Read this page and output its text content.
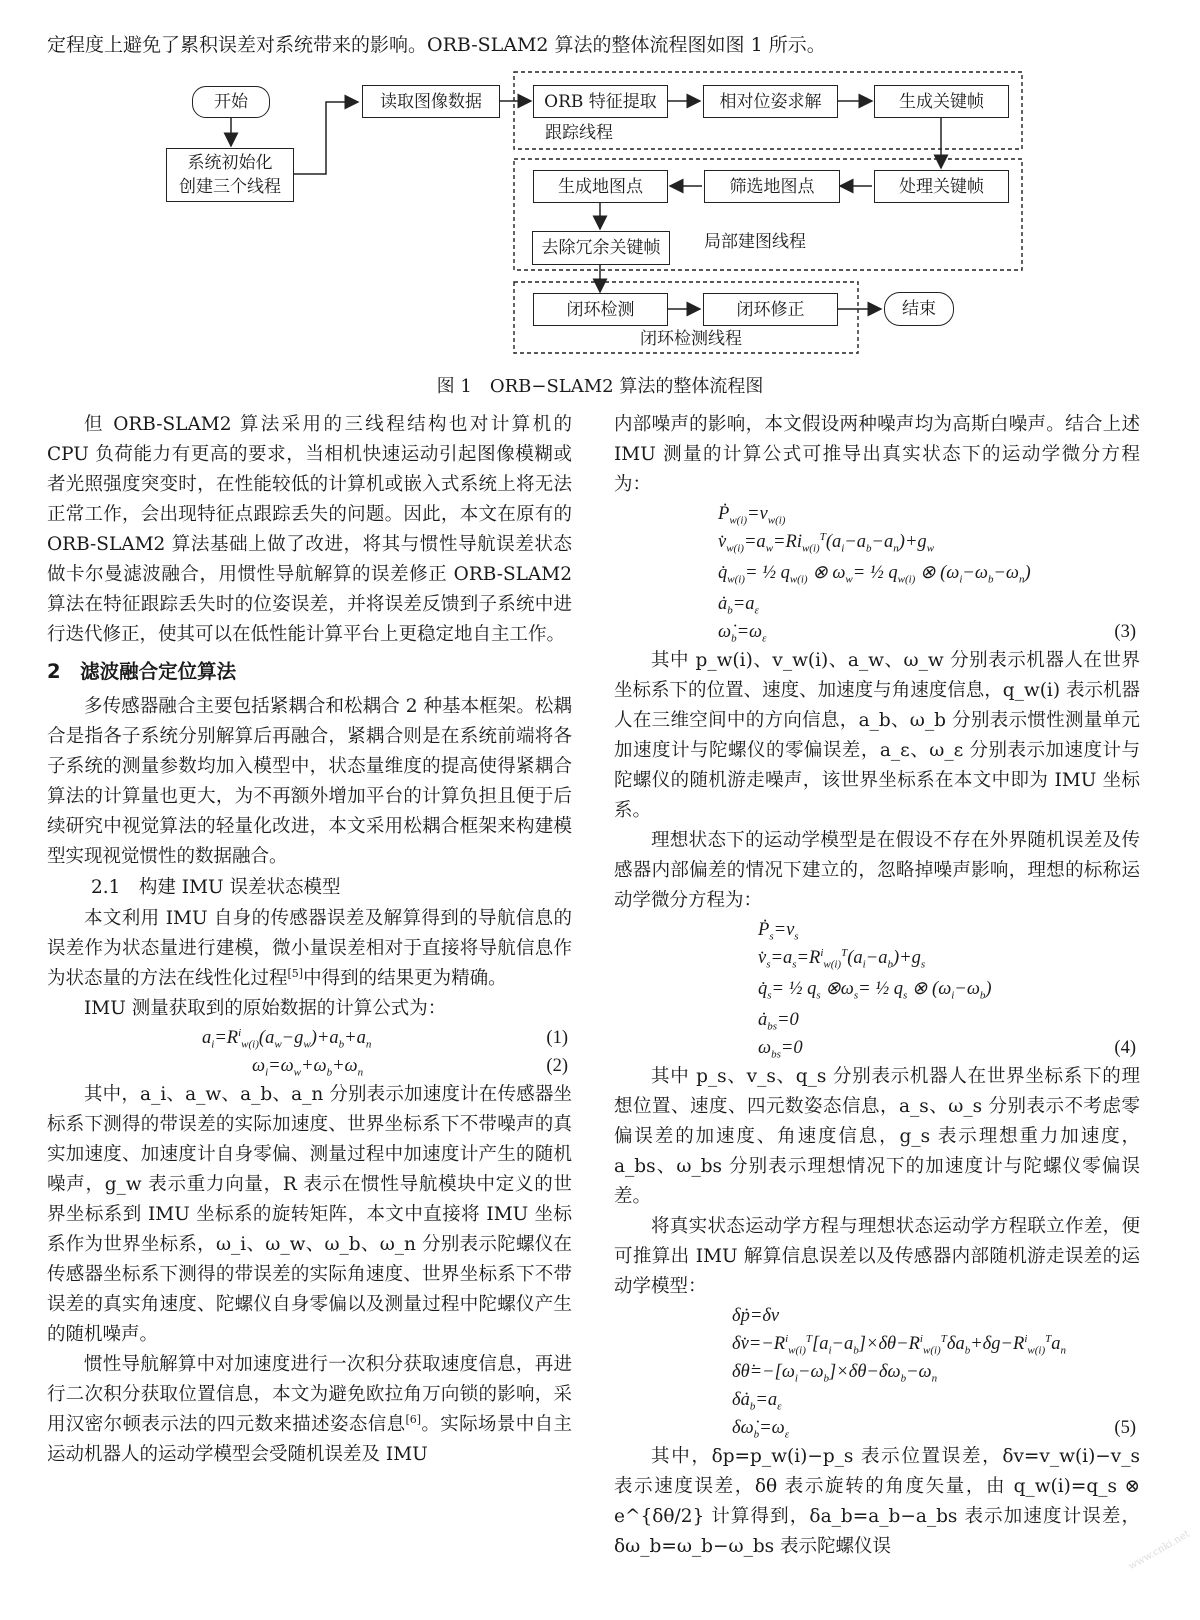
定程度上避免了累积误差对系统带来的影响。ORB-SLAM2 算法的整体流程图如图 1 所示。

开始
系统初始化
创建三个线程
读取图像数据	ORB 特征提取	相对位姿求解	生成关键帧
跟踪线程
处理关键帧
筛选地图点
生成地图点
去除冗余关键帧	局部建图线程
闭环检测	闭环修正	结束
闭环检测线程
图 1　ORB−SLAM2 算法的整体流程图

但 ORB-SLAM2 算法采用的三线程结构也对计算机的 CPU 负荷能力有更高的要求，当相机快速运动引起图像模糊或者光照强度突变时，在性能较低的计算机或嵌入式系统上将无法正常工作，会出现特征点跟踪丢失的问题。因此，本文在原有的 ORB-SLAM2 算法基础上做了改进，将其与惯性导航误差状态做卡尔曼滤波融合，用惯性导航解算的误差修正 ORB-SLAM2 算法在特征跟踪丢失时的位姿误差，并将误差反馈到子系统中进行迭代修正，使其可以在低性能计算平台上更稳定地自主工作。

2　滤波融合定位算法

多传感器融合主要包括紧耦合和松耦合 2 种基本框架。松耦合是指各子系统分别解算后再融合，紧耦合则是在系统前端将各子系统的测量参数均加入模型中，状态量维度的提高使得紧耦合算法的计算量也更大，为不再额外增加平台的计算负担且便于后续研究中视觉算法的轻量化改进，本文采用松耦合框架来构建模型实现视觉惯性的数据融合。

2.1　构建 IMU 误差状态模型

本文利用 IMU 自身的传感器误差及解算得到的导航信息的误差作为状态量进行建模，微小量误差相对于直接将导航信息作为状态量的方法在线性化过程[5]中得到的结果更为精确。

IMU 测量获取到的原始数据的计算公式为：

$a_i=R^i_{w(i)}(a_w-g_w)+a_b+a_n$	(1)
$\omega_i=\omega_w+\omega_b+\omega_n$	(2)

其中，a_i、a_w、a_b、a_n 分别表示加速度计在传感器坐标系下测得的带误差的实际加速度、世界坐标系下不带噪声的真实加速度、加速度计自身零偏、测量过程中加速度计产生的随机噪声，g_w 表示重力向量，R 表示在惯性导航模块中定义的世界坐标系到 IMU 坐标系的旋转矩阵，本文中直接将 IMU 坐标系作为世界坐标系，ω_i、ω_w、ω_b、ω_n 分别表示陀螺仪在传感器坐标系下测得的带误差的实际角速度、世界坐标系下不带误差的真实角速度、陀螺仪自身零偏以及测量过程中陀螺仪产生的随机噪声。

惯性导航解算中对加速度进行一次积分获取速度信息，再进行二次积分获取位置信息，本文为避免欧拉角万向锁的影响，采用汉密尔顿表示法的四元数来描述姿态信息[6]。实际场景中自主运动机器人的运动学模型会受随机误差及 IMU

内部噪声的影响，本文假设两种噪声均为高斯白噪声。结合上述 IMU 测量的计算公式可推导出真实状态下的运动学微分方程为：

$Ṗ_{w(i)}=v_{w(i)}$
$v̇_{w(i)}=a_w=Ri_{w(i)}^T(a_i-a_b-a_n)+g_w$
$q̇_{w(i)}=$ ½ $q_{w(i)}$ ⊗ $\omega_w=$ ½ $q_{w(i)}$ ⊗ $(\omega_i-\omega_b-\omega_n)$
$ȧ_b=a_\varepsilon$
$\omegȧ_b=\omega_\varepsilon$	(3)

其中 p_w(i)、v_w(i)、a_w、ω_w 分别表示机器人在世界坐标系下的位置、速度、加速度与角速度信息，q_w(i) 表示机器人在三维空间中的方向信息，a_b、ω_b 分别表示惯性测量单元加速度计与陀螺仪的零偏误差，a_ε、ω_ε 分别表示加速度计与陀螺仪的随机游走噪声，该世界坐标系在本文中即为 IMU 坐标系。

理想状态下的运动学模型是在假设不存在外界随机误差及传感器内部偏差的情况下建立的，忽略掉噪声影响，理想的标称运动学微分方程为：

$Ṗ_s=v_s$
$v̇_s=a_s=R^i_{w(i)}^T(a_i-a_b)+g_s$
$q̇_s=$ ½ $q_s$ $\otimes\omega_s=$ ½ $q_s$ ⊗ $(\omega_i-\omega_b)$
$ȧ_{bs}=0$
$\omega_{bs}=0$	(4)

其中 p_s、v_s、q_s 分别表示机器人在世界坐标系下的理想位置、速度、四元数姿态信息，a_s、ω_s 分别表示不考虑零偏误差的加速度、角速度信息，g_s 表示理想重力加速度，a_bs、ω_bs 分别表示理想情况下的加速度计与陀螺仪零偏误差。

将真实状态运动学方程与理想状态运动学方程联立作差，便可推算出 IMU 解算信息误差以及传感器内部随机游走误差的运动学模型：

δṗ=δv
$\delta v̇=-R^i_{w(i)}^T[a_i-a_b]\times\delta\theta-R^i_{w(i)}^T\delta a_b+\delta g-R^i_{w(i)}^Ta_n$
$\delta\thetȧ=-[\omega_i-\omega_b]\times\delta\theta-\delta\omega_b-\omega_n$
$\delta ȧ_b=a_\varepsilon$
$\delta\omegȧ_b=\omega_\varepsilon$	(5)

其中，δp=p_w(i)−p_s 表示位置误差，δv=v_w(i)−v_s 表示速度误差，δθ 表示旋转的角度矢量，由 q_w(i)=q_s ⊗ e^{δθ/2} 计算得到，δa_b=a_b−a_bs 表示加速度计误差，δω_b=ω_b−ω_bs 表示陀螺仪误	www.cnki.net
